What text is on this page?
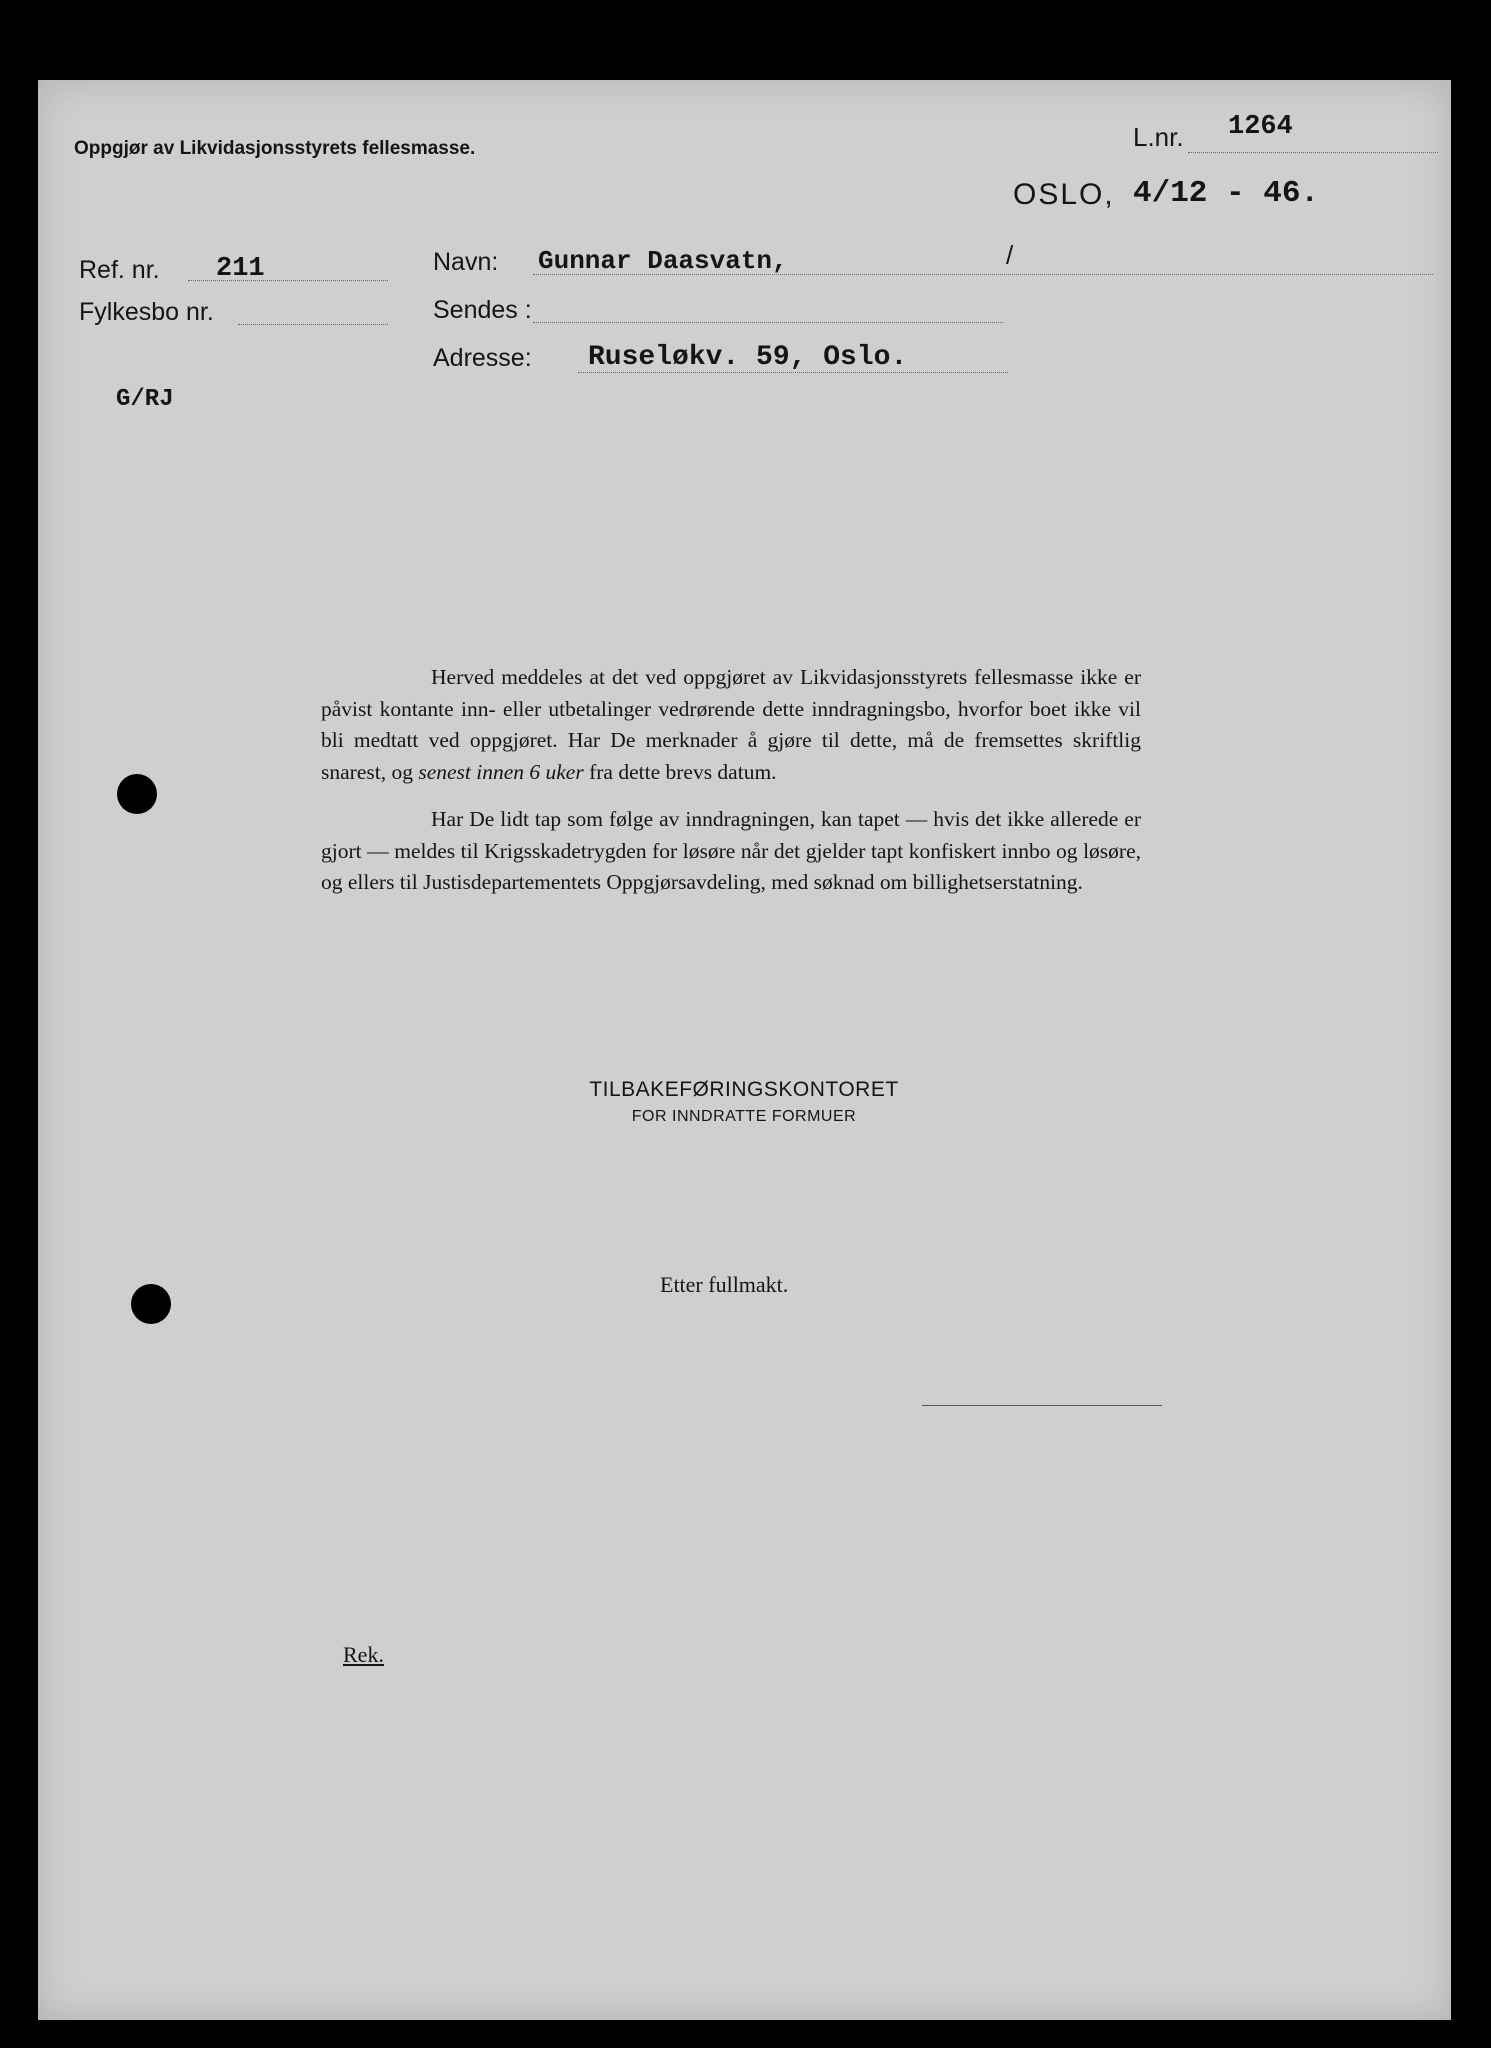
Oppgjør av Likvidasjonsstyrets fellesmasse.	L.nr. 1264
OSLO, 4/12 - 46.
Ref. nr. 211
Fylkesbo nr.
G/RJ
Navn: Gunnar Daasvatn,	/
Sendes :
Adresse: Ruseløkv. 59, Oslo.

Herved meddeles at det ved oppgjøret av Likvidasjonsstyrets fellesmasse ikke er påvist kontante inn- eller utbetalinger vedrørende dette inndragningsbo, hvorfor boet ikke vil bli medtatt ved oppgjøret. Har De merknader å gjøre til dette, må de fremsettes skriftlig snarest, og senest innen 6 uker fra dette brevs datum.

Har De lidt tap som følge av inndragningen, kan tapet — hvis det ikke allerede er gjort — meldes til Krigsskadetrygden for løsøre når det gjelder tapt konfiskert innbo og løsøre, og ellers til Justisdepartementets Oppgjørsavdeling, med søknad om billighetserstatning.

TILBAKEFØRINGSKONTORET
FOR INNDRATTE FORMUER
Etter fullmakt.
Rek.
